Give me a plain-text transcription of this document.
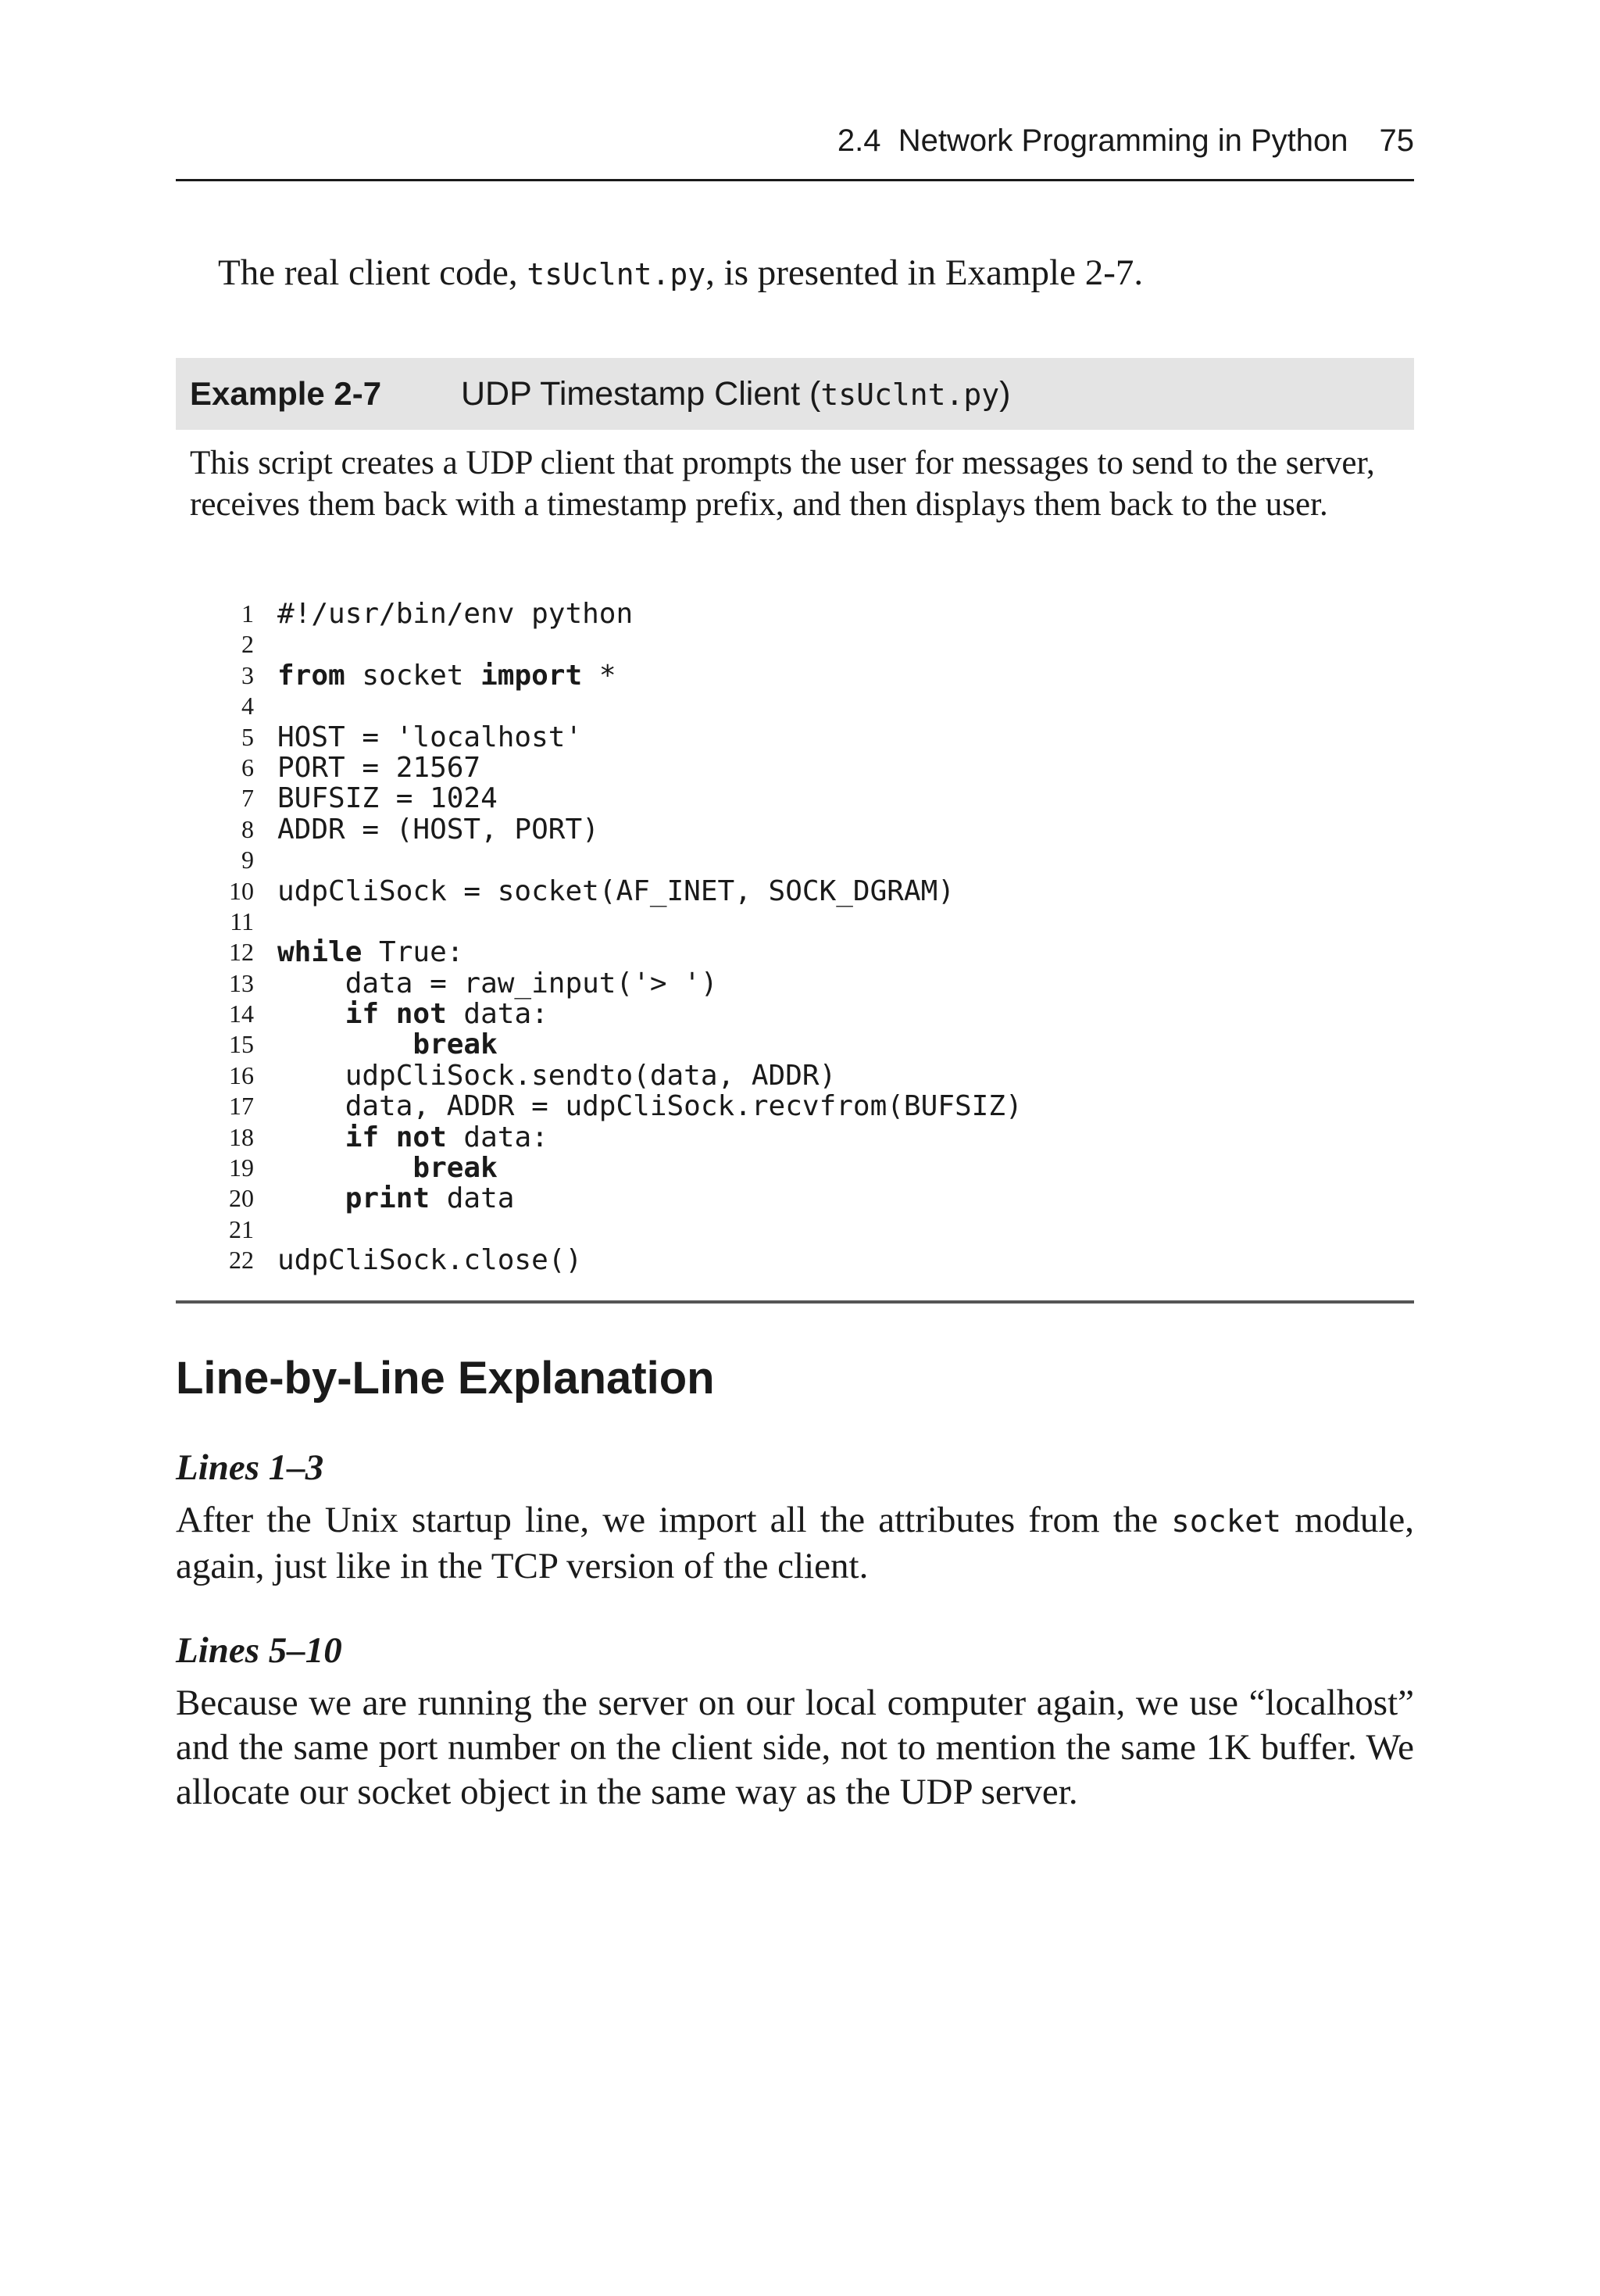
2.4  Network Programming in Python 75
The real client code, tsUclnt.py, is presented in Example 2-7.
Example 2-7 UDP Timestamp Client (tsUclnt.py)
This script creates a UDP client that prompts the user for messages to send to the server, receives them back with a timestamp prefix, and then displays them back to the user.
1 #!/usr/bin/env python
2
3 from socket import *
4
5 HOST = 'localhost'
6 PORT = 21567
7 BUFSIZ = 1024
8 ADDR = (HOST, PORT)
9
10 udpCliSock = socket(AF_INET, SOCK_DGRAM)
11
12 while True:
13 data = raw_input('> ')
14	if not data:
15	break
16 udpCliSock.sendto(data, ADDR)
17 data, ADDR = udpCliSock.recvfrom(BUFSIZ)
18	if not data:
19	break
20	print data
21
22 udpCliSock.close()
Line-by-Line Explanation
Lines 1–3
After the Unix startup line, we import all the attributes from the socket module, again, just like in the TCP version of the client.
Lines 5–10
Because we are running the server on our local computer again, we use “localhost” and the same port number on the client side, not to mention the same 1K buffer. We allocate our socket object in the same way as the UDP server.
